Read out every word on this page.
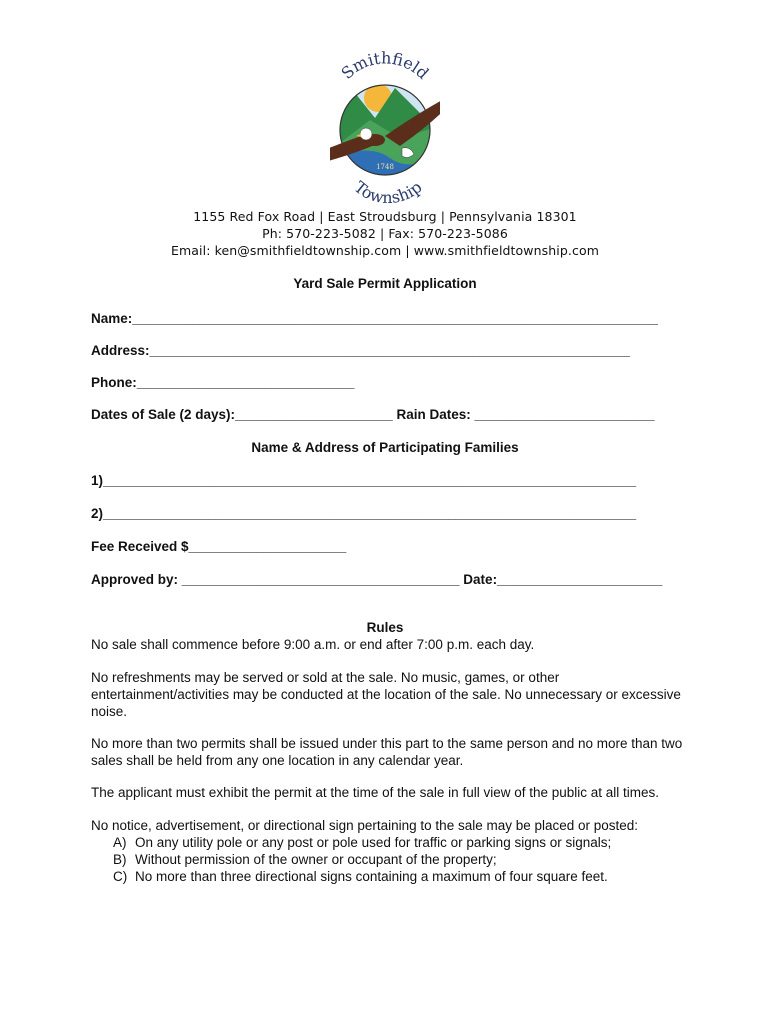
Smithfield
Township
1748
1155 Red Fox Road | East Stroudsburg | Pennsylvania 18301
Ph: 570-223-5082 | Fax: 570-223-5086
Email: ken@smithfieldtownship.com | www.smithfieldtownship.com
Yard Sale Permit Application
Name:______________________________________________________________________
Address:________________________________________________________________
Phone:_____________________________
Dates of Sale (2 days):_____________________ Rain Dates: ________________________
Name & Address of Participating Families
1)_______________________________________________________________________
2)_______________________________________________________________________
Fee Received $_____________________
Approved by: _____________________________________ Date:______________________
Rules
No sale shall commence before 9:00 a.m. or end after 7:00 p.m. each day.
No refreshments may be served or sold at the sale. No music, games, or other entertainment/activities may be conducted at the location of the sale. No unnecessary or excessive noise.
No more than two permits shall be issued under this part to the same person and no more than two sales shall be held from any one location in any calendar year.
The applicant must exhibit the permit at the time of the sale in full view of the public at all times.
No notice, advertisement, or directional sign pertaining to the sale may be placed or posted:
A) On any utility pole or any post or pole used for traffic or parking signs or signals;
B) Without permission of the owner or occupant of the property;
C) No more than three directional signs containing a maximum of four square feet.
